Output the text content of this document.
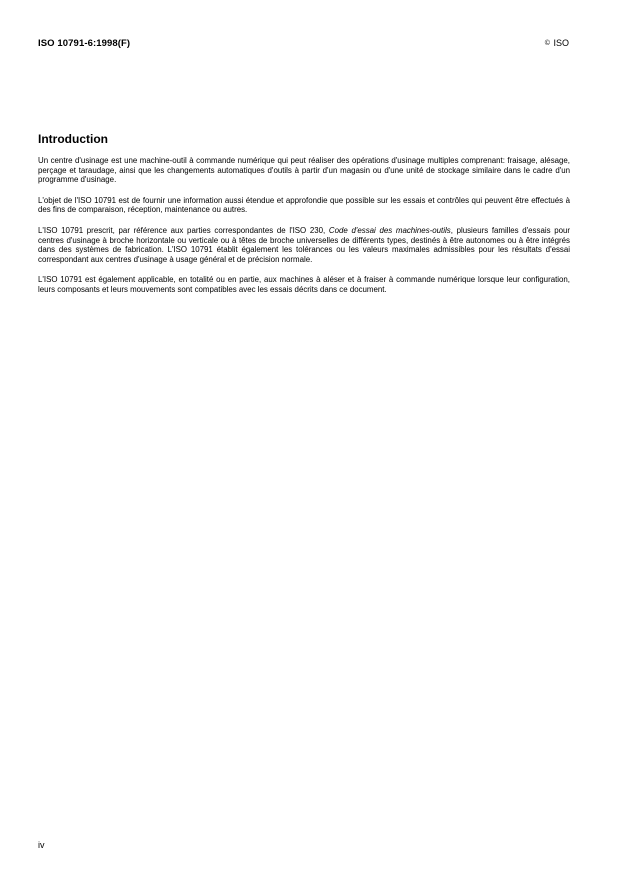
ISO 10791-6:1998(F)	© ISO
Introduction

Un centre d'usinage est une machine-outil à commande numérique qui peut réaliser des opérations d'usinage multiples comprenant: fraisage, alésage, perçage et taraudage, ainsi que les changements automatiques d'outils à partir d'un magasin ou d'une unité de stockage similaire dans le cadre d'un programme d'usinage.

L'objet de l'ISO 10791 est de fournir une information aussi étendue et approfondie que possible sur les essais et contrôles qui peuvent être effectués à des fins de comparaison, réception, maintenance ou autres.

L'ISO 10791 prescrit, par référence aux parties correspondantes de l'ISO 230, Code d'essai des machines-outils, plusieurs familles d'essais pour centres d'usinage à broche horizontale ou verticale ou à têtes de broche universelles de différents types, destinés à être autonomes ou à être intégrés dans des systèmes de fabrication. L'ISO 10791 établit également les tolérances ou les valeurs maximales admissibles pour les résultats d'essai correspondant aux centres d'usinage à usage général et de précision normale.

L'ISO 10791 est également applicable, en totalité ou en partie, aux machines à aléser et à fraiser à commande numérique lorsque leur configuration, leurs composants et leurs mouvements sont compatibles avec les essais décrits dans ce document.

iv
